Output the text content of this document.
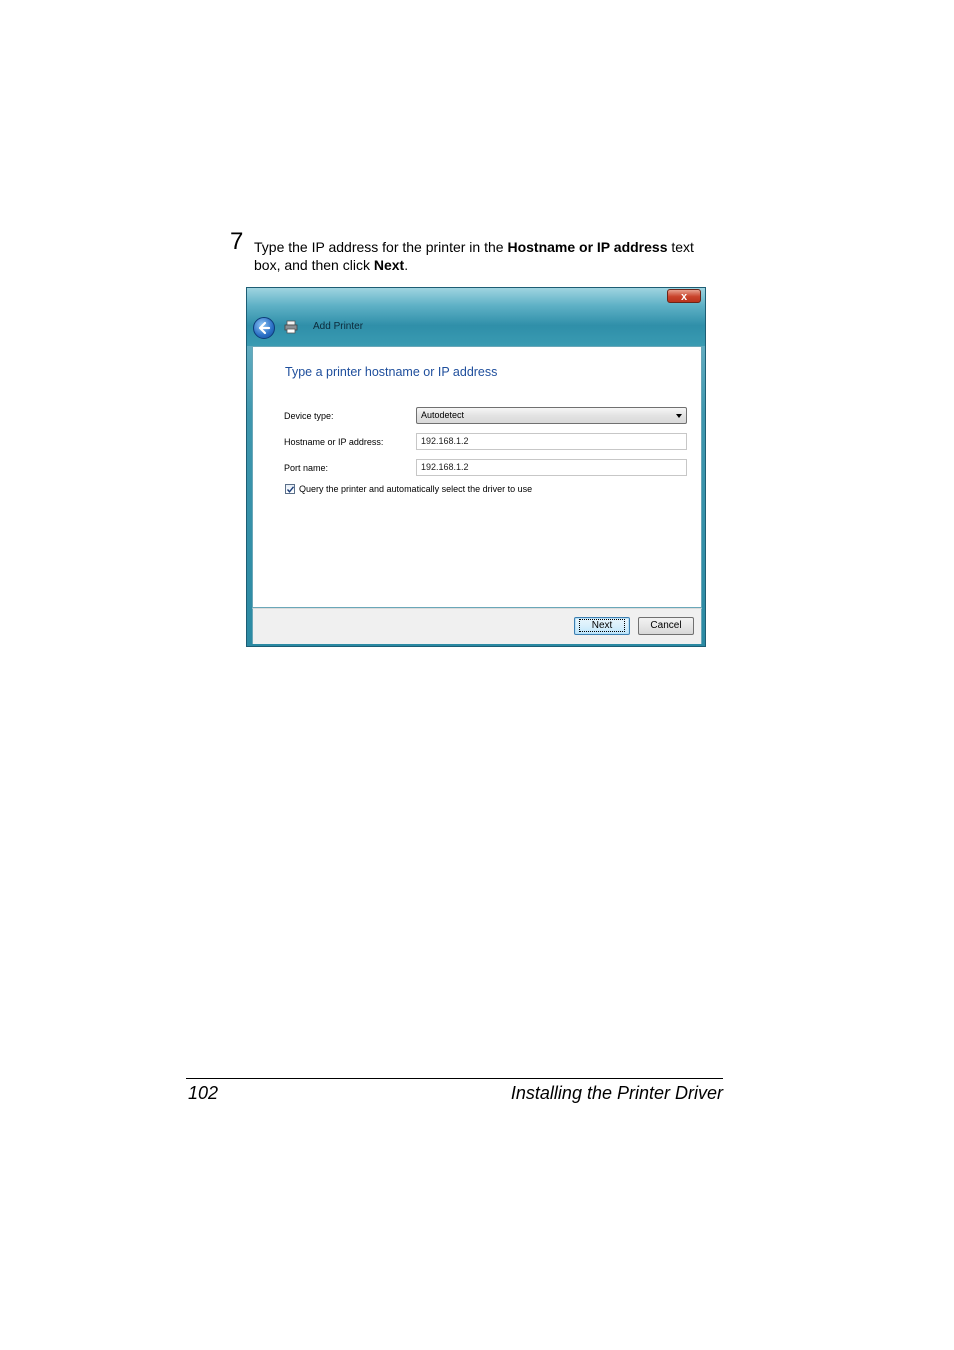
7 Type the IP address for the printer in the Hostname or IP address text box, and then click Next.
x
Add Printer
Type a printer hostname or IP address
Device type:	Autodetect
Hostname or IP address:	192.168.1.2
Port name:	192.168.1.2
Query the printer and automatically select the driver to use
Next	Cancel
102	Installing the Printer Driver
